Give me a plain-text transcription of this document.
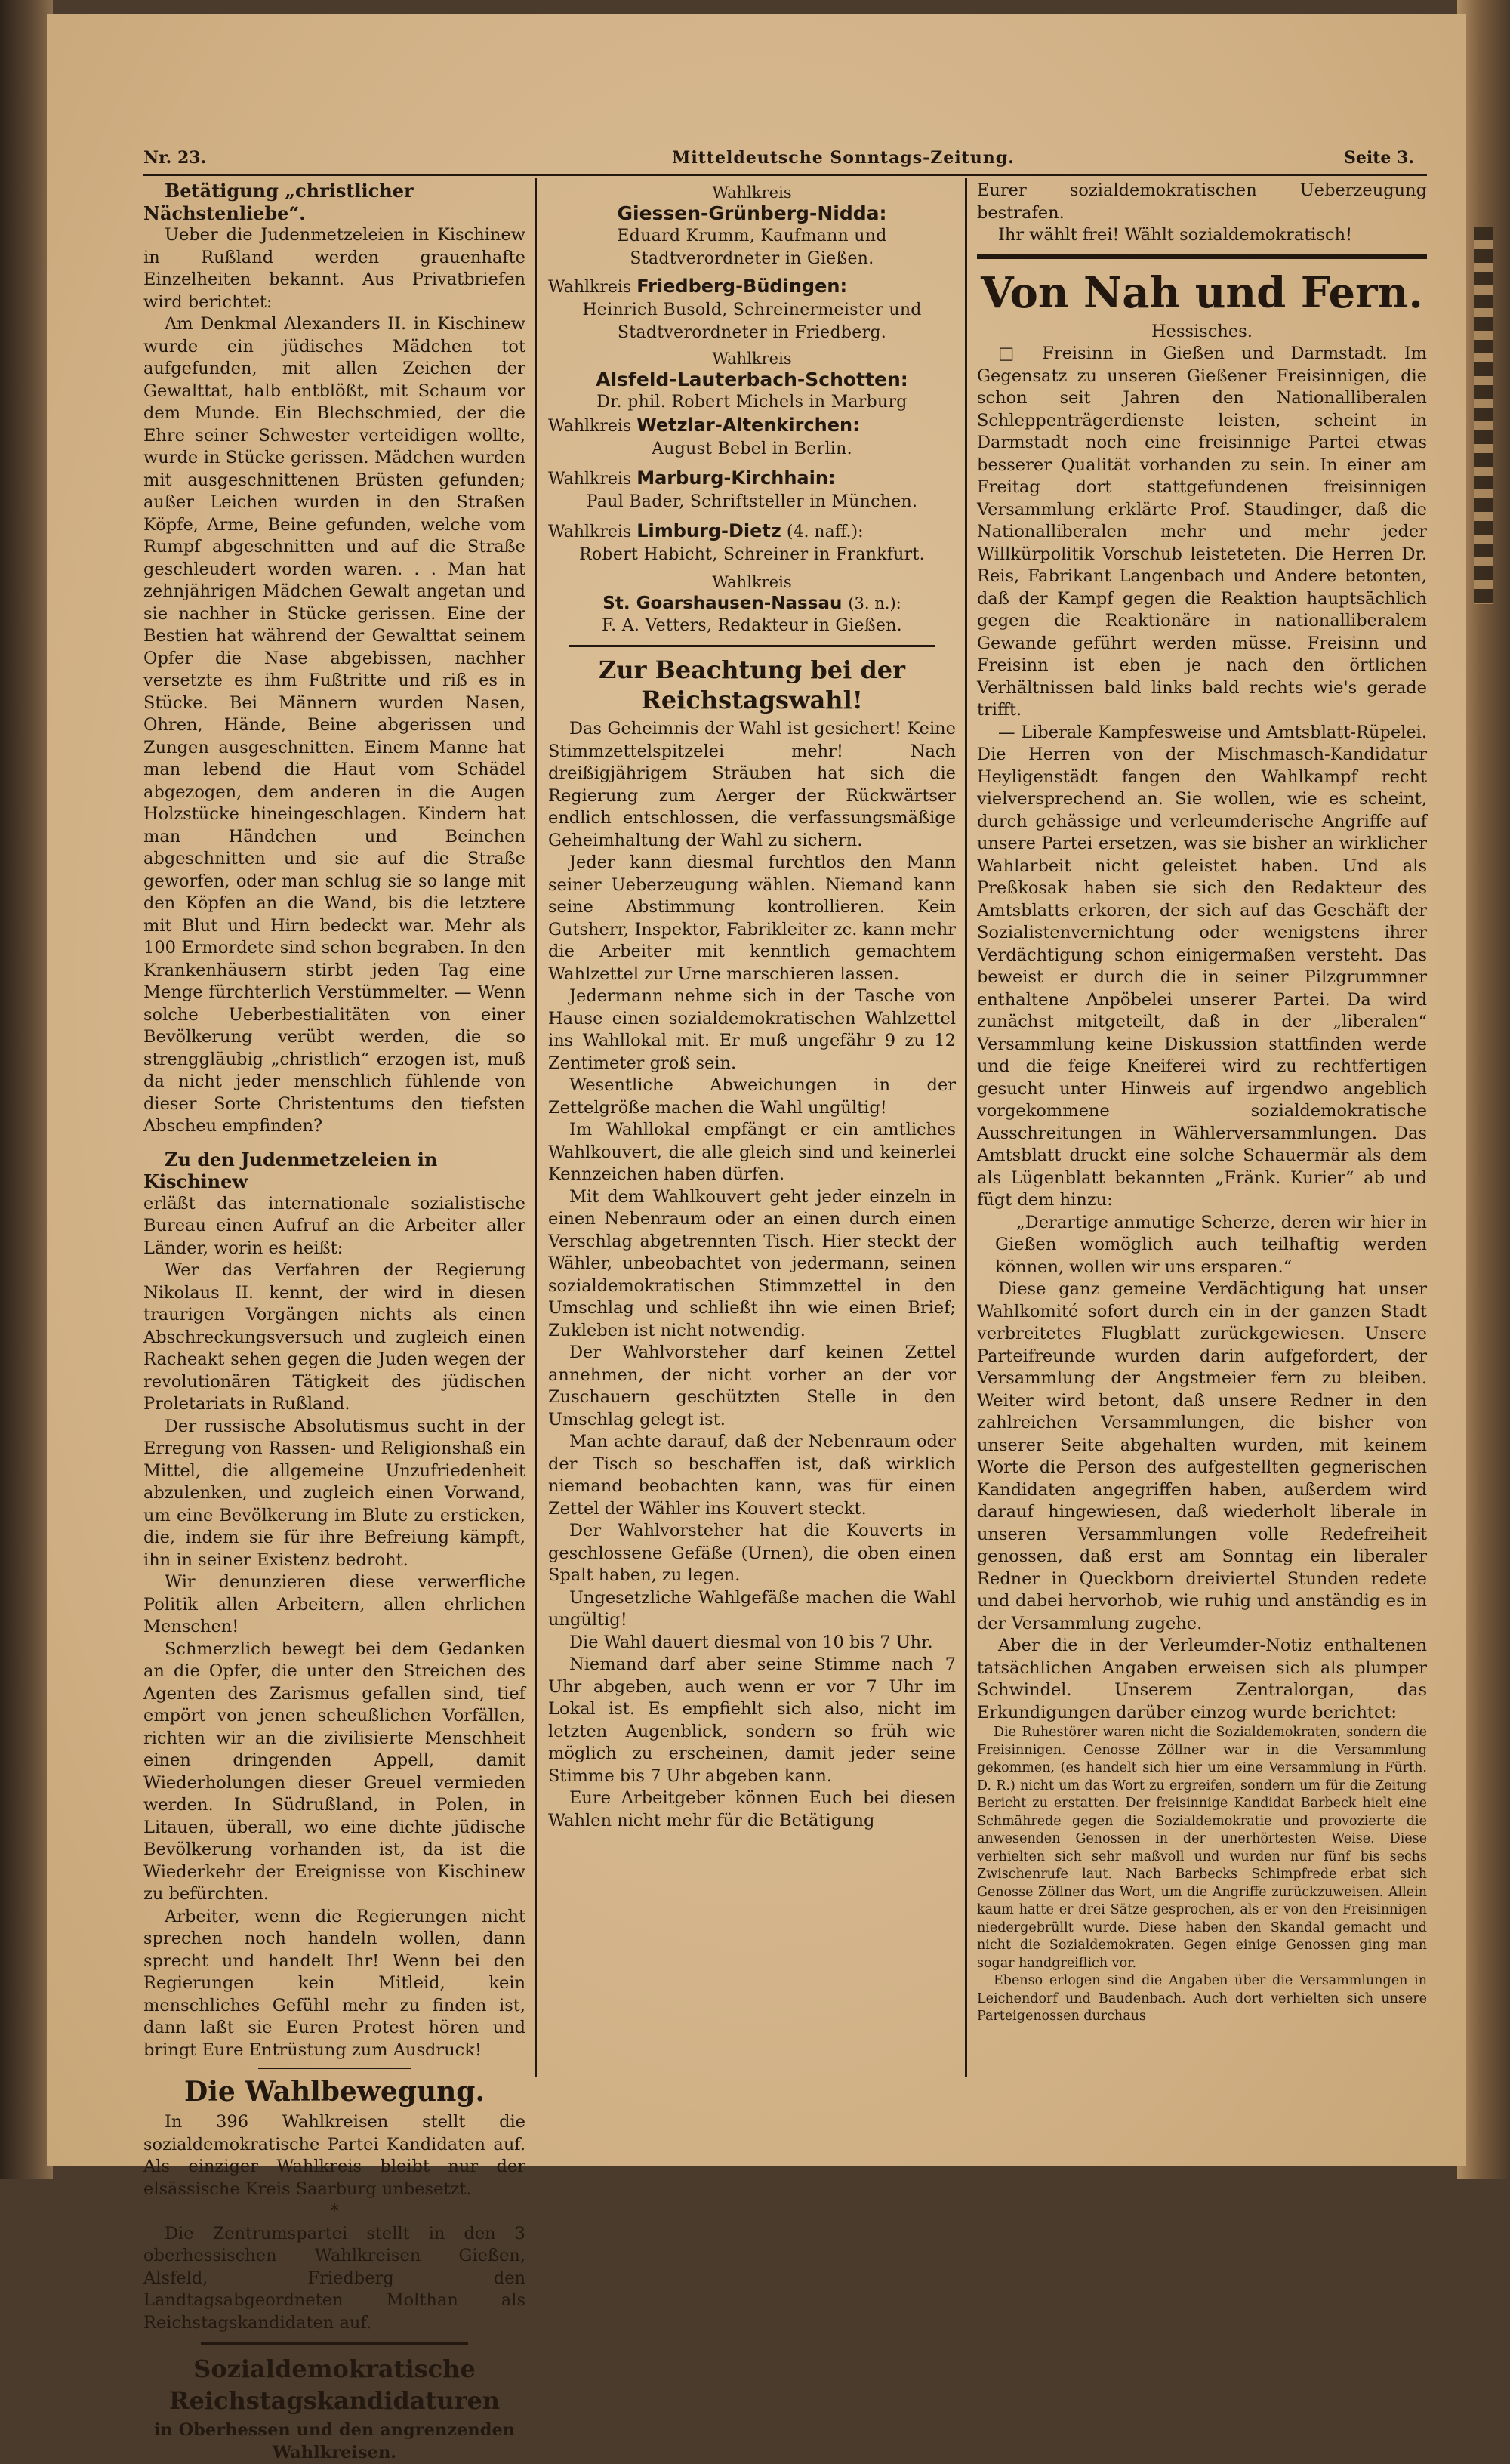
Nr. 23.	Mitteldeutsche Sonntags-Zeitung.	Seite 3.

Betätigung „christlicher Nächstenliebe“.

Ueber die Judenmetzeleien in Kischinew in Rußland werden grauenhafte Einzelheiten bekannt. Aus Privatbriefen wird berichtet:

Am Denkmal Alexanders II. in Kischinew wurde ein jüdisches Mädchen tot aufgefunden, mit allen Zeichen der Gewalttat, halb entblößt, mit Schaum vor dem Munde. Ein Blechschmied, der die Ehre seiner Schwester verteidigen wollte, wurde in Stücke gerissen. Mädchen wurden mit ausgeschnittenen Brüsten gefunden; außer Leichen wurden in den Straßen Köpfe, Arme, Beine gefunden, welche vom Rumpf abgeschnitten und auf die Straße geschleudert worden waren. . . Man hat zehnjährigen Mädchen Gewalt angetan und sie nachher in Stücke gerissen. Eine der Bestien hat während der Gewalttat seinem Opfer die Nase abgebissen, nachher versetzte es ihm Fußtritte und riß es in Stücke. Bei Männern wurden Nasen, Ohren, Hände, Beine abgerissen und Zungen ausgeschnitten. Einem Manne hat man lebend die Haut vom Schädel abgezogen, dem anderen in die Augen Holzstücke hineingeschlagen. Kindern hat man Händchen und Beinchen abgeschnitten und sie auf die Straße geworfen, oder man schlug sie so lange mit den Köpfen an die Wand, bis die letztere mit Blut und Hirn bedeckt war. Mehr als 100 Ermordete sind schon begraben. In den Krankenhäusern stirbt jeden Tag eine Menge fürchterlich Verstümmelter. — Wenn solche Ueberbestialitäten von einer Bevölkerung verübt werden, die so strenggläubig „christlich“ erzogen ist, muß da nicht jeder menschlich fühlende von dieser Sorte Christentums den tiefsten Abscheu empfinden?

Zu den Judenmetzeleien in Kischinew

erläßt das internationale sozialistische Bureau einen Aufruf an die Arbeiter aller Länder, worin es heißt:

Wer das Verfahren der Regierung Nikolaus II. kennt, der wird in diesen traurigen Vorgängen nichts als einen Abschreckungsversuch und zugleich einen Racheakt sehen gegen die Juden wegen der revolutionären Tätigkeit des jüdischen Proletariats in Rußland.

Der russische Absolutismus sucht in der Erregung von Rassen- und Religionshaß ein Mittel, die allgemeine Unzufriedenheit abzulenken, und zugleich einen Vorwand, um eine Bevölkerung im Blute zu ersticken, die, indem sie für ihre Befreiung kämpft, ihn in seiner Existenz bedroht.

Wir denunzieren diese verwerfliche Politik allen Arbeitern, allen ehrlichen Menschen!

Schmerzlich bewegt bei dem Gedanken an die Opfer, die unter den Streichen des Agenten des Zarismus gefallen sind, tief empört von jenen scheußlichen Vorfällen, richten wir an die zivilisierte Menschheit einen dringenden Appell, damit Wiederholungen dieser Greuel vermieden werden. In Südrußland, in Polen, in Litauen, überall, wo eine dichte jüdische Bevölkerung vorhanden ist, da ist die Wiederkehr der Ereignisse von Kischinew zu befürchten.

Arbeiter, wenn die Regierungen nicht sprechen noch handeln wollen, dann sprecht und handelt Ihr! Wenn bei den Regierungen kein Mitleid, kein menschliches Gefühl mehr zu finden ist, dann laßt sie Euren Protest hören und bringt Eure Entrüstung zum Ausdruck!

Die Wahlbewegung.

In 396 Wahlkreisen stellt die sozialdemokratische Partei Kandidaten auf. Als einziger Wahlkreis bleibt nur der elsässische Kreis Saarburg unbesetzt.

*

Die Zentrumspartei stellt in den 3 oberhessischen Wahlkreisen Gießen, Alsfeld, Friedberg den Landtagsabgeordneten Molthan als Reichstagskandidaten auf.

Sozialdemokratische Reichstagskandidaturen

in Oberhessen und den angrenzenden Wahlkreisen.

Wahlkreis
Giessen-Grünberg-Nidda:
Eduard Krumm, Kaufmann und Stadtverordneter in Gießen.
Wahlkreis Friedberg-Büdingen:
Heinrich Busold, Schreinermeister und Stadtverordneter in Friedberg.
Wahlkreis
Alsfeld-Lauterbach-Schotten:
Dr. phil. Robert Michels in Marburg
Wahlkreis Wetzlar-Altenkirchen:
August Bebel in Berlin.
Wahlkreis Marburg-Kirchhain:
Paul Bader, Schriftsteller in München.
Wahlkreis Limburg-Dietz (4. naff.):
Robert Habicht, Schreiner in Frankfurt.
Wahlkreis
St. Goarshausen-Nassau (3. n.):
F. A. Vetters, Redakteur in Gießen.
Zur Beachtung bei der Reichstagswahl!

Das Geheimnis der Wahl ist gesichert! Keine Stimmzettelspitzelei mehr! Nach dreißigjährigem Sträuben hat sich die Regierung zum Aerger der Rückwärtser endlich entschlossen, die verfassungsmäßige Geheimhaltung der Wahl zu sichern.

Jeder kann diesmal furchtlos den Mann seiner Ueberzeugung wählen. Niemand kann seine Abstimmung kontrollieren. Kein Gutsherr, Inspektor, Fabrikleiter zc. kann mehr die Arbeiter mit kenntlich gemachtem Wahlzettel zur Urne marschieren lassen.

Jedermann nehme sich in der Tasche von Hause einen sozialdemokratischen Wahlzettel ins Wahllokal mit. Er muß ungefähr 9 zu 12 Zentimeter groß sein.

Wesentliche Abweichungen in der Zettelgröße machen die Wahl ungültig!

Im Wahllokal empfängt er ein amtliches Wahlkouvert, die alle gleich sind und keinerlei Kennzeichen haben dürfen.

Mit dem Wahlkouvert geht jeder einzeln in einen Nebenraum oder an einen durch einen Verschlag abgetrennten Tisch. Hier steckt der Wähler, unbeobachtet von jedermann, seinen sozialdemokratischen Stimmzettel in den Umschlag und schließt ihn wie einen Brief; Zukleben ist nicht notwendig.

Der Wahlvorsteher darf keinen Zettel annehmen, der nicht vorher an der vor Zuschauern geschützten Stelle in den Umschlag gelegt ist.

Man achte darauf, daß der Nebenraum oder der Tisch so beschaffen ist, daß wirklich niemand beobachten kann, was für einen Zettel der Wähler ins Kouvert steckt.

Der Wahlvorsteher hat die Kouverts in geschlossene Gefäße (Urnen), die oben einen Spalt haben, zu legen.

Ungesetzliche Wahlgefäße machen die Wahl ungültig!

Die Wahl dauert diesmal von 10 bis 7 Uhr.

Niemand darf aber seine Stimme nach 7 Uhr abgeben, auch wenn er vor 7 Uhr im Lokal ist. Es empfiehlt sich also, nicht im letzten Augenblick, sondern so früh wie möglich zu erscheinen, damit jeder seine Stimme bis 7 Uhr abgeben kann.

Eure Arbeitgeber können Euch bei diesen Wahlen nicht mehr für die Betätigung

Eurer sozialdemokratischen Ueberzeugung bestrafen.

Ihr wählt frei! Wählt sozialdemokratisch!

Von Nah und Fern.

Hessisches.

□ Freisinn in Gießen und Darmstadt. Im Gegensatz zu unseren Gießener Freisinnigen, die schon seit Jahren den Nationalliberalen Schleppenträgerdienste leisten, scheint in Darmstadt noch eine freisinnige Partei etwas besserer Qualität vorhanden zu sein. In einer am Freitag dort stattgefundenen freisinnigen Versammlung erklärte Prof. Staudinger, daß die Nationalliberalen mehr und mehr jeder Willkürpolitik Vorschub leisteteten. Die Herren Dr. Reis, Fabrikant Langenbach und Andere betonten, daß der Kampf gegen die Reaktion hauptsächlich gegen die Reaktionäre in nationalliberalem Gewande geführt werden müsse. Freisinn und Freisinn ist eben je nach den örtlichen Verhältnissen bald links bald rechts wie's gerade trifft.

— Liberale Kampfesweise und Amtsblatt-Rüpelei. Die Herren von der Mischmasch-Kandidatur Heyligenstädt fangen den Wahlkampf recht vielversprechend an. Sie wollen, wie es scheint, durch gehässige und verleumderische Angriffe auf unsere Partei ersetzen, was sie bisher an wirklicher Wahlarbeit nicht geleistet haben. Und als Preßkosak haben sie sich den Redakteur des Amtsblatts erkoren, der sich auf das Geschäft der Sozialistenvernichtung oder wenigstens ihrer Verdächtigung schon einigermaßen versteht. Das beweist er durch die in seiner Pilzgrummner enthaltene Anpöbelei unserer Partei. Da wird zunächst mitgeteilt, daß in der „liberalen“ Versammlung keine Diskussion stattfinden werde und die feige Kneiferei wird zu rechtfertigen gesucht unter Hinweis auf irgendwo angeblich vorgekommene sozialdemokratische Ausschreitungen in Wählerversammlungen. Das Amtsblatt druckt eine solche Schauermär als dem als Lügenblatt bekannten „Fränk. Kurier“ ab und fügt dem hinzu:

„Derartige anmutige Scherze, deren wir hier in Gießen womöglich auch teilhaftig werden können, wollen wir uns ersparen.“

Diese ganz gemeine Verdächtigung hat unser Wahlkomité sofort durch ein in der ganzen Stadt verbreitetes Flugblatt zurückgewiesen. Unsere Parteifreunde wurden darin aufgefordert, der Versammlung der Angstmeier fern zu bleiben. Weiter wird betont, daß unsere Redner in den zahlreichen Versammlungen, die bisher von unserer Seite abgehalten wurden, mit keinem Worte die Person des aufgestellten gegnerischen Kandidaten angegriffen haben, außerdem wird darauf hingewiesen, daß wiederholt liberale in unseren Versammlungen volle Redefreiheit genossen, daß erst am Sonntag ein liberaler Redner in Queckborn dreiviertel Stunden redete und dabei hervorhob, wie ruhig und anständig es in der Versammlung zugehe.

Aber die in der Verleumder-Notiz enthaltenen tatsächlichen Angaben erweisen sich als plumper Schwindel. Unserem Zentralorgan, das Erkundigungen darüber einzog wurde berichtet:

Die Ruhestörer waren nicht die Sozialdemokraten, sondern die Freisinnigen. Genosse Zöllner war in die Versammlung gekommen, (es handelt sich hier um eine Versammlung in Fürth. D. R.) nicht um das Wort zu ergreifen, sondern um für die Zeitung Bericht zu erstatten. Der freisinnige Kandidat Barbeck hielt eine Schmährede gegen die Sozialdemokratie und provozierte die anwesenden Genossen in der unerhörtesten Weise. Diese verhielten sich sehr maßvoll und wurden nur fünf bis sechs Zwischenrufe laut. Nach Barbecks Schimpfrede erbat sich Genosse Zöllner das Wort, um die Angriffe zurückzuweisen. Allein kaum hatte er drei Sätze gesprochen, als er von den Freisinnigen niedergebrüllt wurde. Diese haben den Skandal gemacht und nicht die Sozialdemokraten. Gegen einige Genossen ging man sogar handgreiflich vor.

Ebenso erlogen sind die Angaben über die Versammlungen in Leichendorf und Baudenbach. Auch dort verhielten sich unsere Parteigenossen durchaus
